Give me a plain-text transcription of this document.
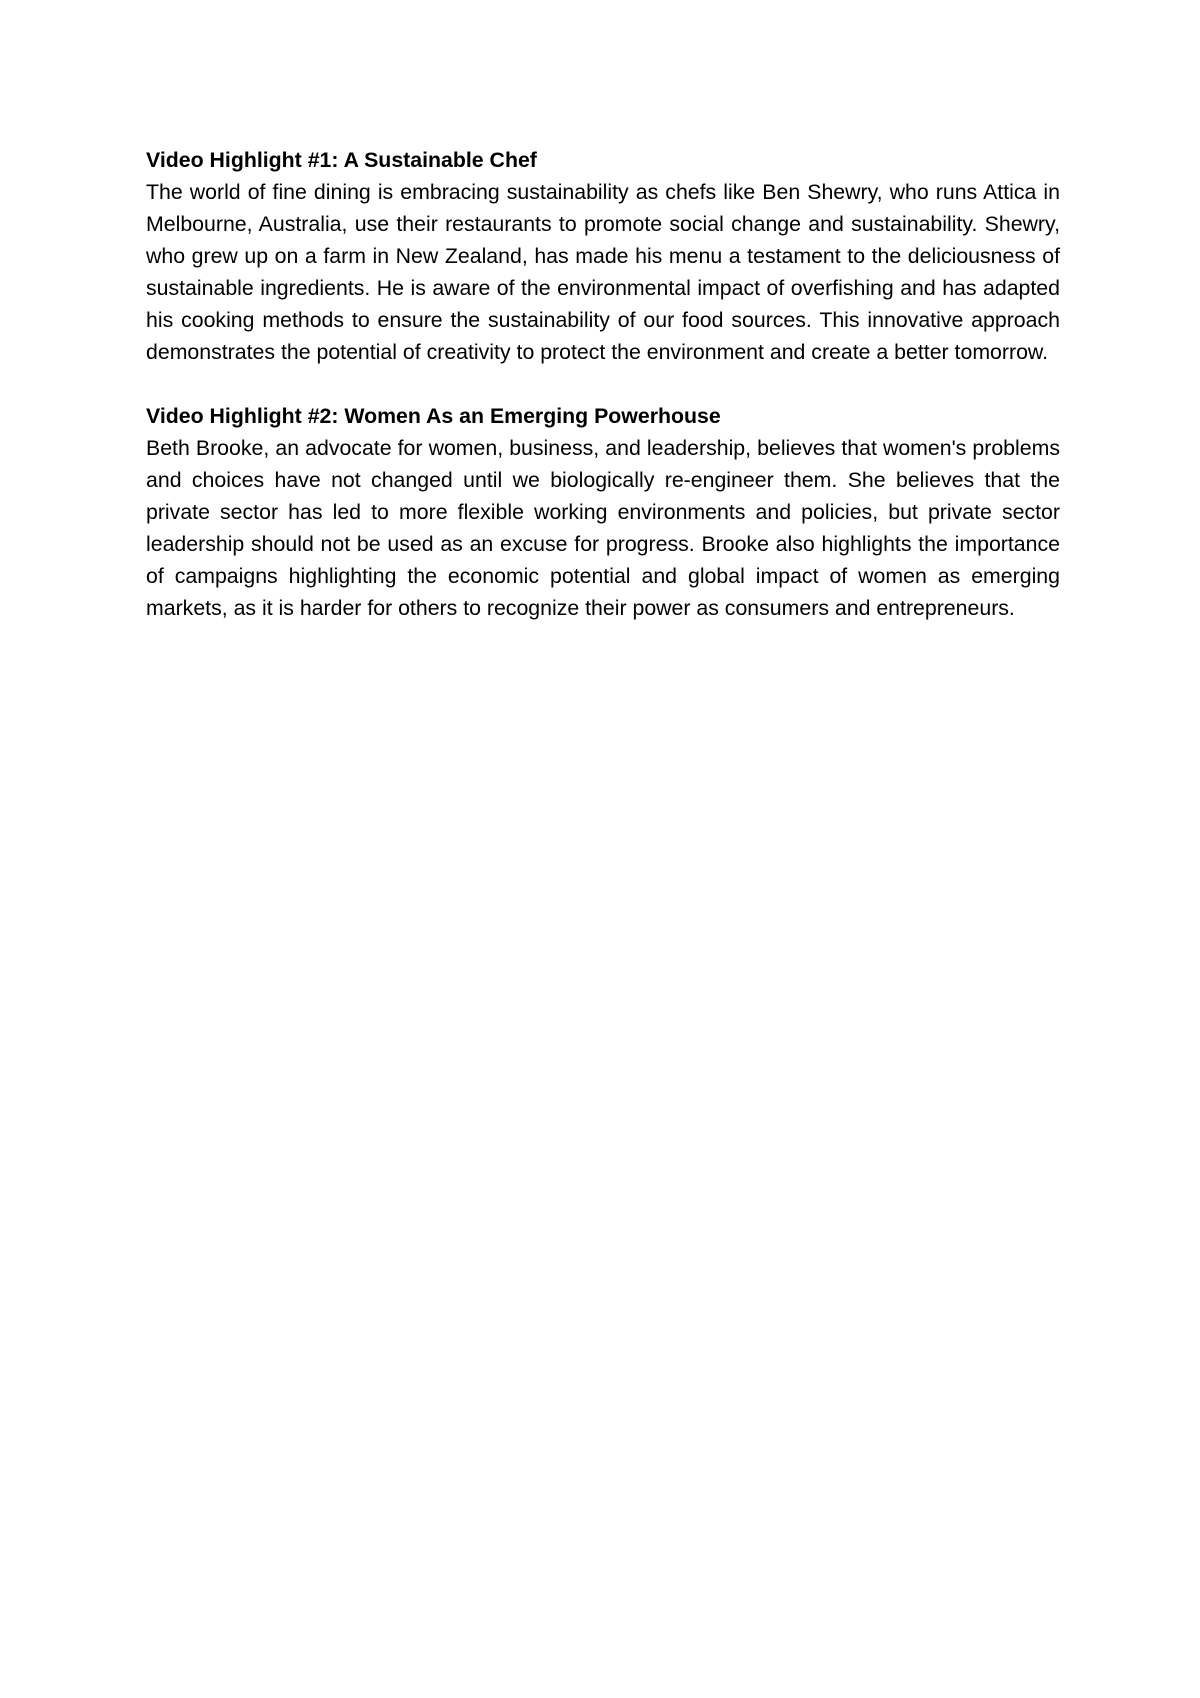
Video Highlight #1: A Sustainable Chef

The world of fine dining is embracing sustainability as chefs like Ben Shewry, who runs Attica in Melbourne, Australia, use their restaurants to promote social change and sustainability. Shewry, who grew up on a farm in New Zealand, has made his menu a testament to the deliciousness of sustainable ingredients. He is aware of the environmental impact of overfishing and has adapted his cooking methods to ensure the sustainability of our food sources. This innovative approach demonstrates the potential of creativity to protect the environment and create a better tomorrow.

Video Highlight #2: Women As an Emerging Powerhouse

Beth Brooke, an advocate for women, business, and leadership, believes that women's problems and choices have not changed until we biologically re-engineer them. She believes that the private sector has led to more flexible working environments and policies, but private sector leadership should not be used as an excuse for progress. Brooke also highlights the importance of campaigns highlighting the economic potential and global impact of women as emerging markets, as it is harder for others to recognize their power as consumers and entrepreneurs.
